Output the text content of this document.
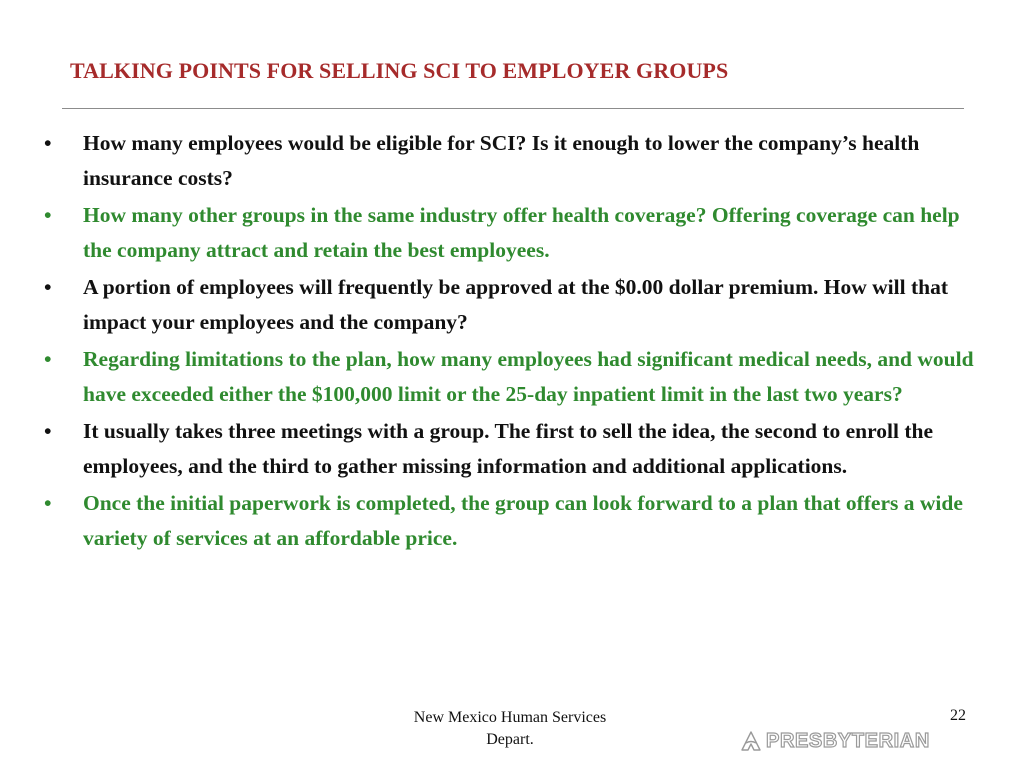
TALKING POINTS FOR SELLING SCI TO EMPLOYER GROUPS
• How many employees would be eligible for SCI? Is it enough to lower the company’s health insurance costs?
• How many other groups in the same industry offer health coverage? Offering coverage can help the company attract and retain the best employees.
• A portion of employees will frequently be approved at the $0.00 dollar premium. How will that impact your employees and the company?
• Regarding limitations to the plan, how many employees had significant medical needs, and would have exceeded either the $100,000 limit or the 25-day inpatient limit in the last two years?
• It usually takes three meetings with a group. The first to sell the idea, the second to enroll the employees, and the third to gather missing information and additional applications.
• Once the initial paperwork is completed, the group can look forward to a plan that offers a wide variety of services at an affordable price.
New Mexico Human Services
Depart.
22
PRESBYTERIAN
